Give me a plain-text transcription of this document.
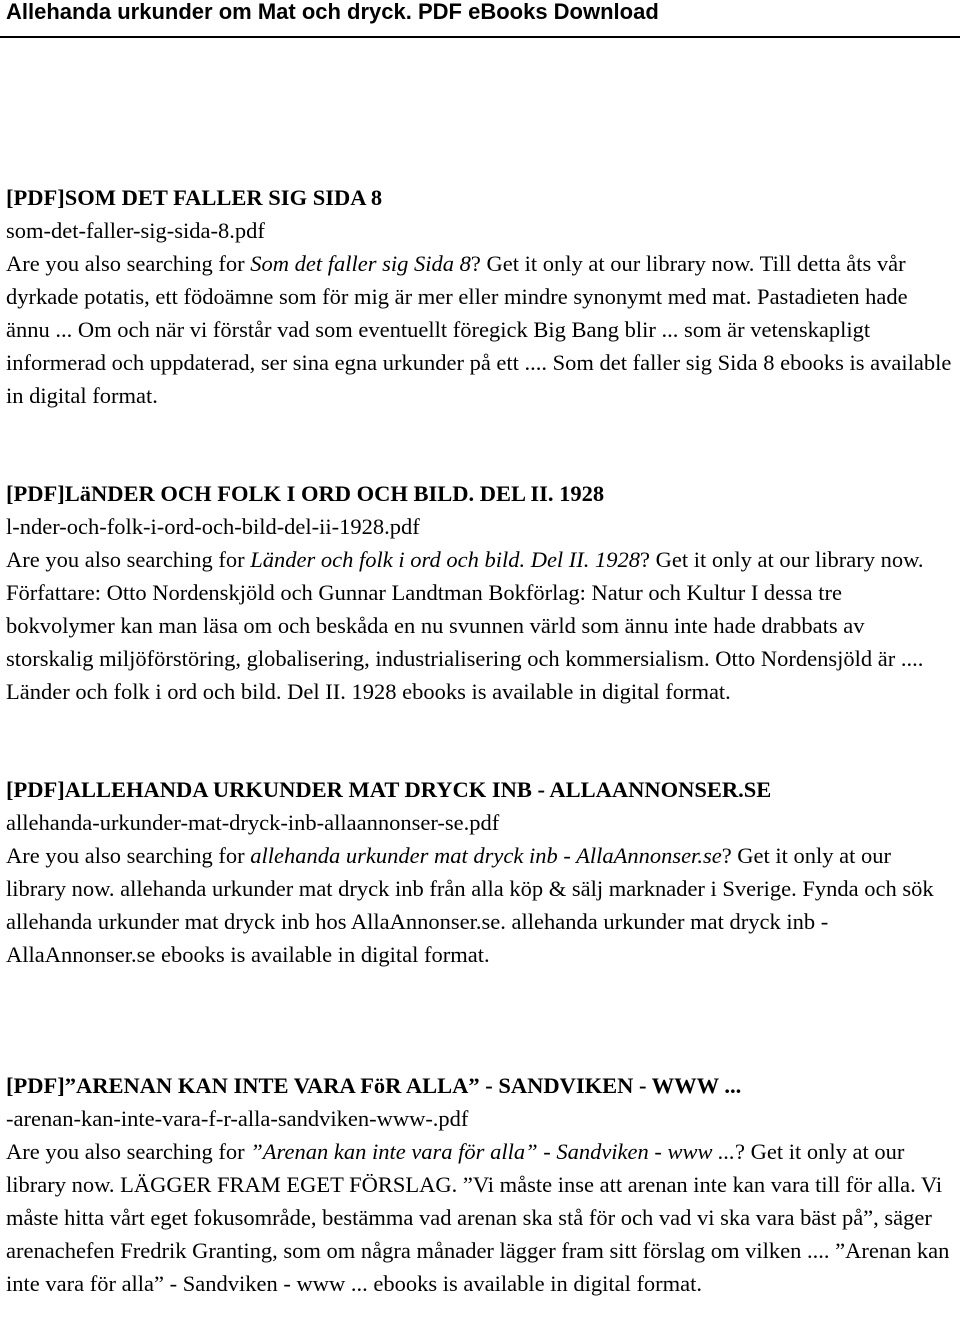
Allehanda urkunder om Mat och dryck. PDF eBooks Download
[PDF]SOM DET FALLER SIG SIDA 8
som-det-faller-sig-sida-8.pdf

Are you also searching for Som det faller sig Sida 8? Get it only at our library now. Till detta åts vår dyrkade potatis, ett födoämne som för mig är mer eller mindre synonymt med mat. Pastadieten hade ännu ... Om och när vi förstår vad som eventuellt föregick Big Bang blir ... som är vetenskapligt informerad och uppdaterad, ser sina egna urkunder på ett .... Som det faller sig Sida 8 ebooks is available in digital format.

[PDF]LäNDER OCH FOLK I ORD OCH BILD. DEL II. 1928
l-nder-och-folk-i-ord-och-bild-del-ii-1928.pdf

Are you also searching for Länder och folk i ord och bild. Del II. 1928? Get it only at our library now. Författare: Otto Nordenskjöld och Gunnar Landtman Bokförlag: Natur och Kultur I dessa tre bokvolymer kan man läsa om och beskåda en nu svunnen värld som ännu inte hade drabbats av storskalig miljöförstöring, globalisering, industrialisering och kommersialism. Otto Nordensjöld är .... Länder och folk i ord och bild. Del II. 1928 ebooks is available in digital format.

[PDF]ALLEHANDA URKUNDER MAT DRYCK INB - ALLAANNONSER.SE
allehanda-urkunder-mat-dryck-inb-allaannonser-se.pdf

Are you also searching for allehanda urkunder mat dryck inb - AllaAnnonser.se? Get it only at our library now. allehanda urkunder mat dryck inb från alla köp & sälj marknader i Sverige. Fynda och sök allehanda urkunder mat dryck inb hos AllaAnnonser.se. allehanda urkunder mat dryck inb - AllaAnnonser.se ebooks is available in digital format.

[PDF]”ARENAN KAN INTE VARA FöR ALLA” - SANDVIKEN - WWW ...
-arenan-kan-inte-vara-f-r-alla-sandviken-www-.pdf

Are you also searching for ”Arenan kan inte vara för alla” - Sandviken - www ...? Get it only at our library now. LÄGGER FRAM EGET FÖRSLAG. ”Vi måste inse att arenan inte kan vara till för alla. Vi måste hitta vårt eget fokusområde, bestämma vad arenan ska stå för och vad vi ska vara bäst på”, säger arenachefen Fredrik Granting, som om några månader lägger fram sitt förslag om vilken .... ”Arenan kan inte vara för alla” - Sandviken - www ... ebooks is available in digital format.
